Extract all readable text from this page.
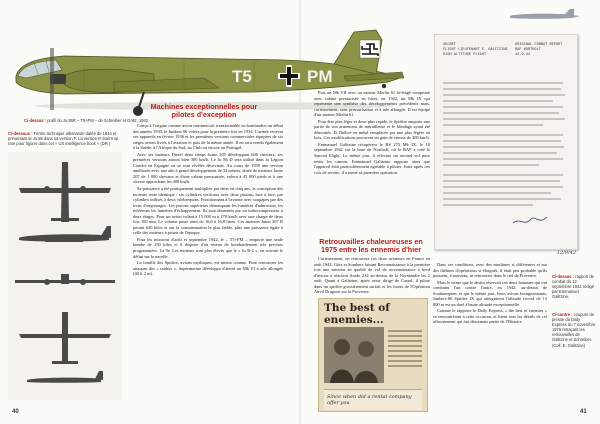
T5	PM
Ci-dessus : profil du Ju 86R – T5+PM – de Schreiber et Goltz, 1942.
Ci-dessous : Ferme technique allemande datée de 1944 et présentant le Ju 86 dans sa version F. La version R était trop rare pour figurer dans cet « US intelligence book » (DR.)
Machines exceptionnelles pour pilotes d'exception

Conçu à l'origine comme avion commercial, transformable en bombardier au début des années 1930, le Junkers 86 volera pour la première fois en 1934. L'armée recevra ses appareils en février 1936 et les premières versions commerciales équipées de six sièges seront livrés à l'aviation et puis de la même année. Il en sera vendu également à la Suède, à l'Afrique du Sud, au Chili ou encore au Portugal.

Avec ses moteurs Diesel deux temps Jumo 205 développant 600 chevaux, ses premières versions auront bien 300 km/h. Le Ju 86 D sera utilisé dans la Légion Condor en Espagne où se sont révélés décevants. Au cours de 1939 une version améliorée avec une aile à grand développement de 32 mètres, dotée de moteurs Jumo 207 de 1 000 chevaux et d'une cabine pressurisée, volera à 45 000 pieds et à une vitesse approchant les 400 km/h.

Sa puissance a été pratiquement multipliée par deux en cinq ans, la conception des moteurs reste identique : six cylindres verticaux avec deux pistons, face à face, par cylindres utilisés à deux vilebrequins. Fonctionnant à l'avance avec soupapes par des trous d'engrenages. Les pistons supérieurs démasquant les lumières d'admission, les inférieurs les lumières d'échappement. Ils sont alimentés par un turbocompresseur à deux étages. Pour un avion volant à 13 000 m à 170 km/h avec une charge de deux fois 100 mm. Le volume passe ainsi de 16,6 à 16,8 litres. Ces moteurs Jumo 207 B pesant 630 kilos et ont la consommation la plus faible, plus une puissance égale à celle des moteurs à piston de l'époque.

Pour les missions d'août et septembre 1942, le – T5+PM – emporte une seule bombe de 250 kilos et il dispose d'un réseau de bombardement très précises programmées. La 9e. Les moteurs sont plus élevés que le « Ju R-2 », en suivant le défini sur la nacelle.

La famille des Spitfire, avions mythiques, est mieux connue. Pour rencontrer les attaques des « raiders », Supermarine développa d'abord un Mk VI à aile allongée (40 ft 2 in).

Puis un Mk VII avec un moteur Merlin 61 bi-étagé comprimé avec cabine pressurisée en hiver, en 1942, un Mk IX qui représente une synthèse des développements précédents mais, curieusement, sans pressurisation et à aile allongée. Il est équipé d'un moteur Merlin 61.

Pour être plus léger et donc plus rapide, le Spitfire emporte une partie de son armement de mitrailleuse et le blindage ayant été démontés. Et l'hélice en métal remplacée par une plus légère en bois. Ces modifications procurent un gain de vitesse de 400 km/h.

Emmanuel Galitzine récupérera le BS 273 Mk IX, le 10 septembre 1942 sur la base de Northolt, où la RAF a créé le Special Flight. Le même jour, il effectue un second vol pour tester les canons. Emmanuel Galitzine rapporte alors que l'appareil était particulièrement agréable à piloter. Juste après ces vols de recette, il a mené sa première opération.

Retrouvailles chaleureuses en 1975 entre les ennemis d'hier

Curieusement, on retrouvera ces deux aviateurs en France en août 1944. Götz et Sombers faisant Reconnaissance à la première fois une mission en qualité de vol de reconnaissance a bord d'avions à réaction Arado 234 au-dessus de la Normandie les 2 août. Quant à Galitzine, après avoir dirigé de Cassel, il pilote dans un spitfire grossièrement surfait et les fronts de l'Opération Anvil Dragoon sur la Provence.

The best of enemies...
Since when did a rental company offer you
40
SECRET
FLIGHT LIEUTENANT E. GALITZINE
HIGH ALTITUDE FLIGHT
ORIGINAL COMBAT REPORT
RAF NORTHOLT
12.9.42
12/9/42

Dans ces conditions, avec des machines si différentes et sur des théâtres d'opérations si éloignés, il était peu probable qu'ils puissent, à nouveau, se rencontrer dans le ciel de Provence.

Mais le terme que le destin réservait ces deux hommes qui ont combattu l'un contre l'autre, en 1942, au-dessus de Southampton, et qui le même jour, leurs avions bourgeonnants, Junkers-86 Spitfire IX qui atteignirent l'altitude record de 13 000 m est un duel à haute altitude exceptionnelle.

Comme le rapporte le Daily Express, « the best of enemies » se rencontrèrent à cette occasion, et firent tous les détails de cet affrontement qui fait désormais partie de l'Histoire.

Ci-dessus : rapport de combat du 12 septembre 1942 rédigé par Emmanuel Galitzine.
Ci-contre : coupure de presse du Daily Express du 7 novembre 1975 retraçant les retrouvailles de Galitzine et Schreiber. (Coll. E. Galitzine)
41
